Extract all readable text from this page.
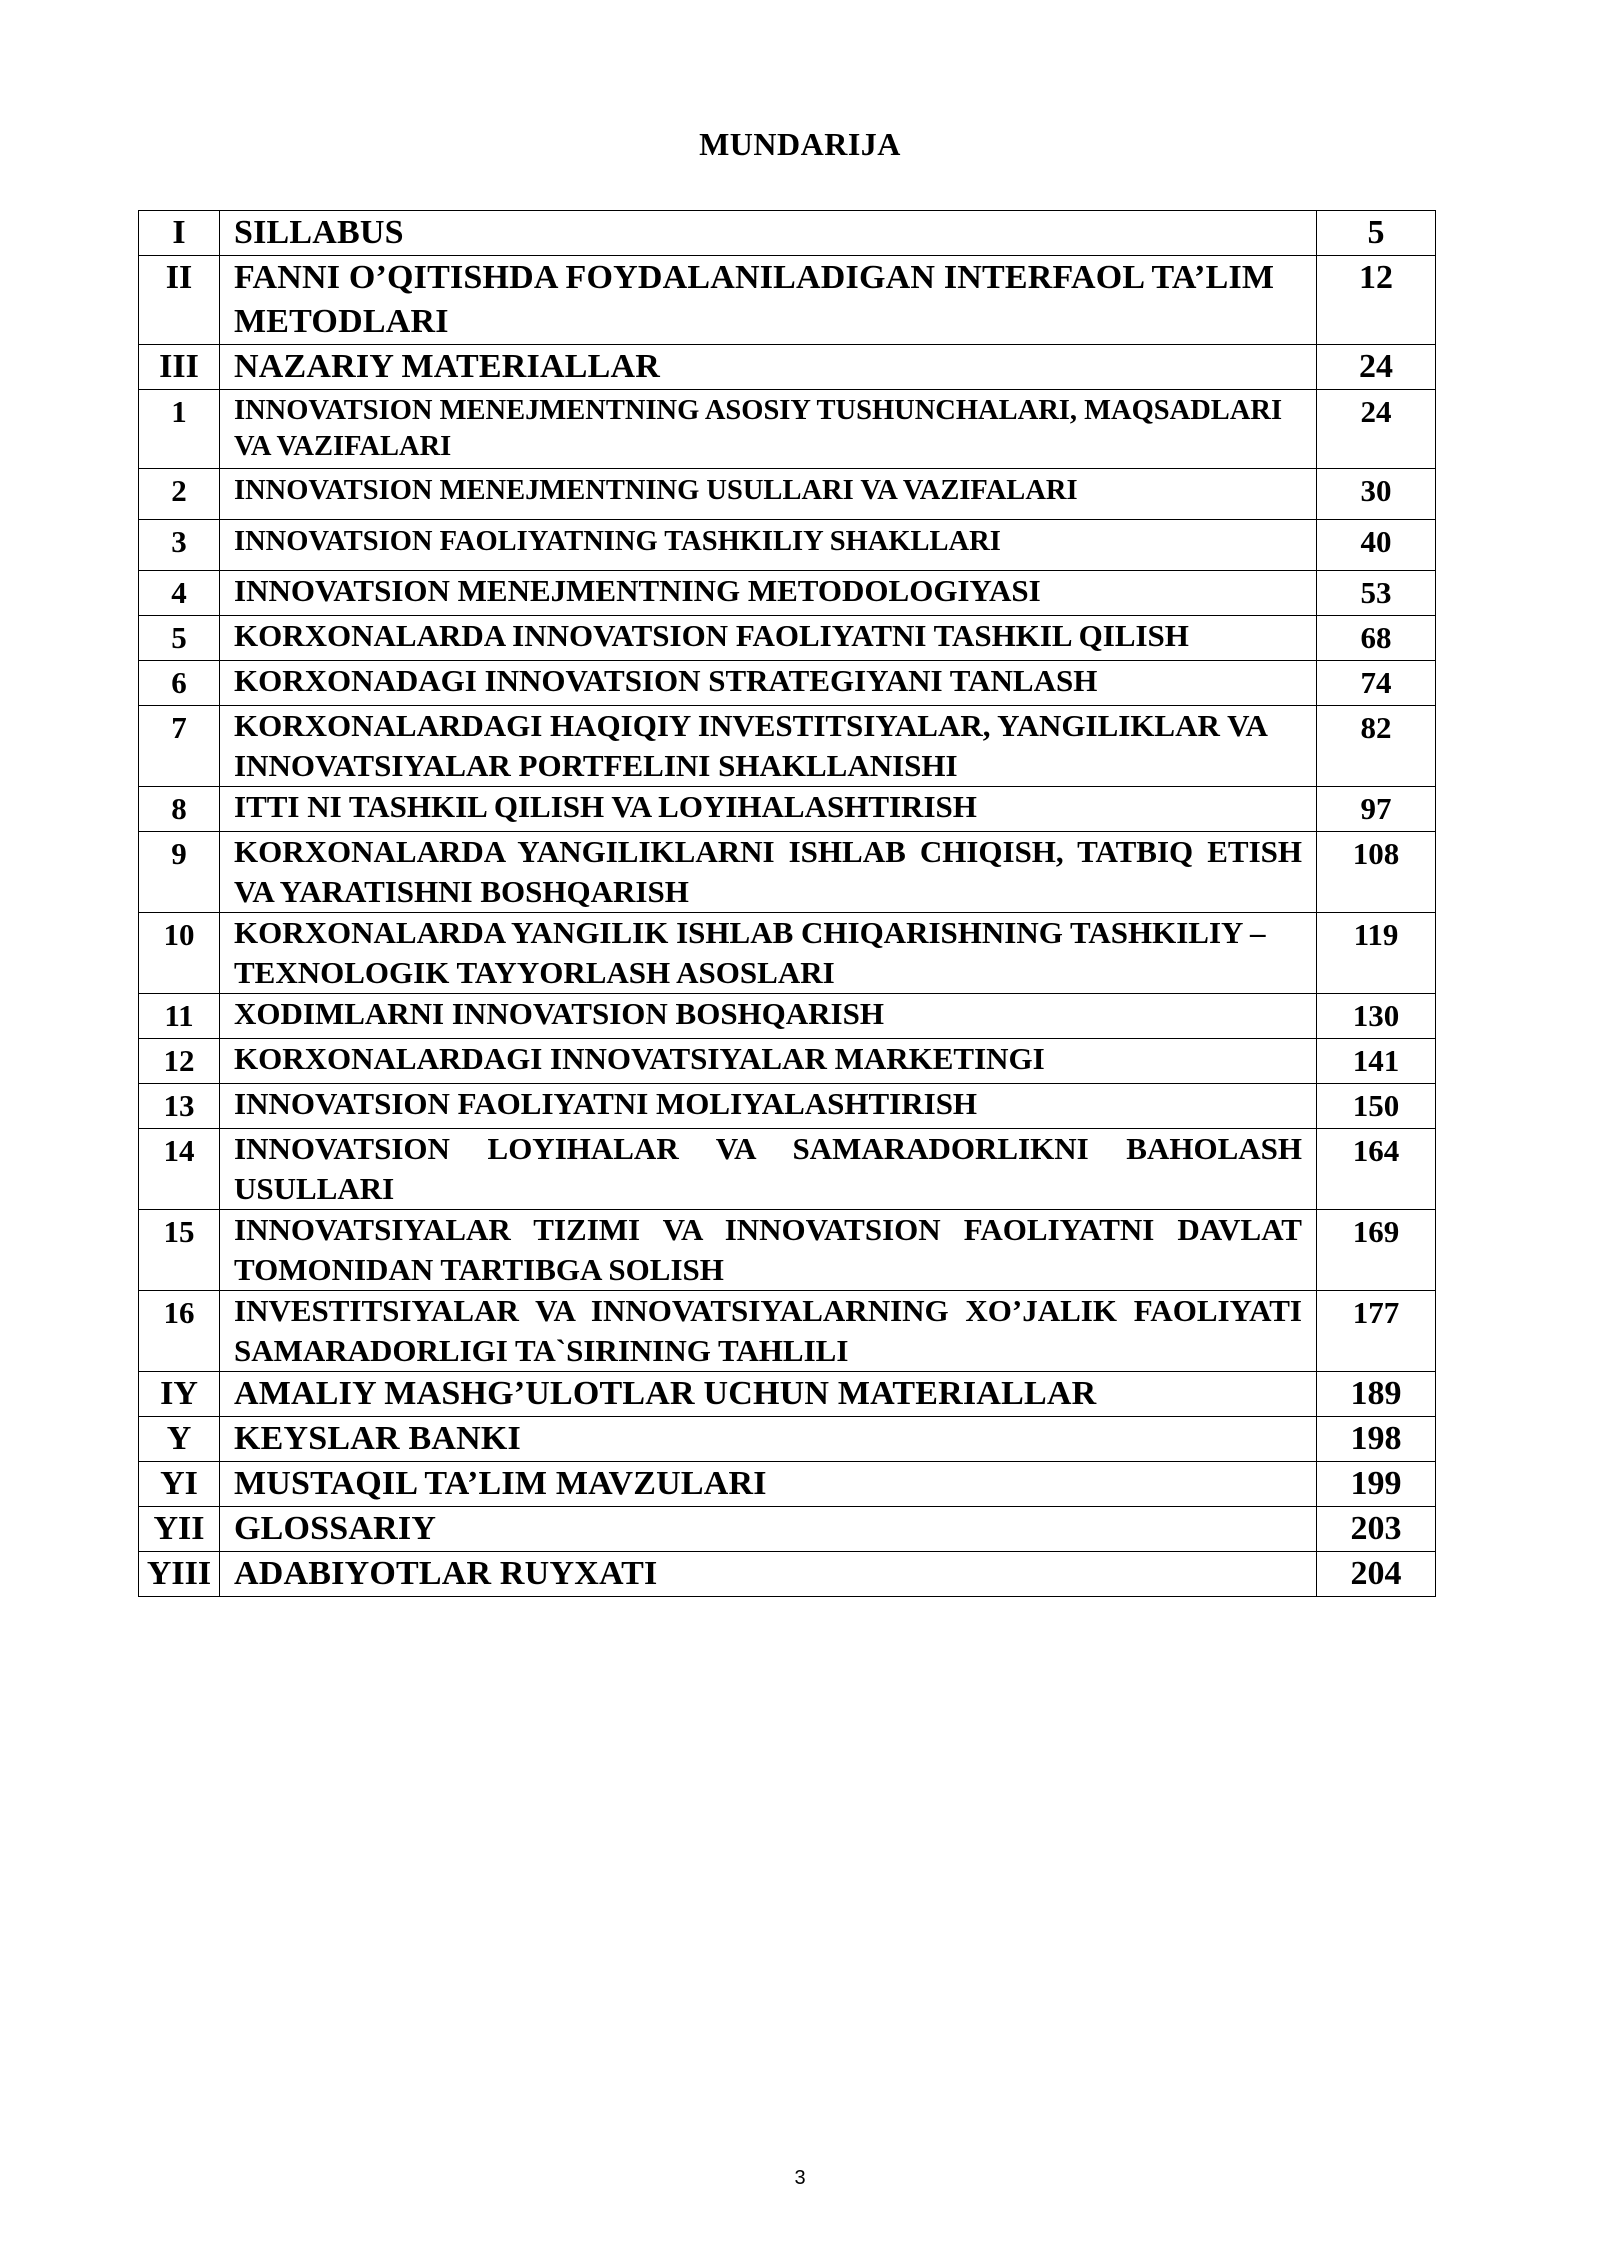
MUNDARIJA
I	SILLABUS	5
II	FANNI O’QITISHDA FOYDALANILADIGAN INTERFAOL TA’LIM METODLARI	12
III	NAZARIY MATERIALLAR	24
1	INNOVATSION MENEJMENTNING ASOSIY TUSHUNCHALARI, MAQSADLARI VA VAZIFALARI	24
2	INNOVATSION MENEJMENTNING USULLARI VA VAZIFALARI	30
3	INNOVATSION FAOLIYATNING TASHKILIY SHAKLLARI	40
4	INNOVATSION MENEJMENTNING METODOLOGIYASI	53
5	KORXONALARDA INNOVATSION FAOLIYATNI TASHKIL QILISH	68
6	KORXONADAGI INNOVATSION STRATEGIYANI TANLASH	74
7	KORXONALARDAGI HAQIQIY INVESTITSIYALAR, YANGILIKLAR VA INNOVATSIYALAR PORTFELINI SHAKLLANISHI	82
8	ITTI NI TASHKIL QILISH VA LOYIHALASHTIRISH	97
9	KORXONALARDA YANGILIKLARNI ISHLAB CHIQISH, TATBIQ ETISH VA YARATISHNI BOSHQARISH	108
10	KORXONALARDA YANGILIK ISHLAB CHIQARISHNING TASHKILIY – TEXNOLOGIK TAYYORLASH ASOSLARI	119
11	XODIMLARNI INNOVATSION BOSHQARISH	130
12	KORXONALARDAGI INNOVATSIYALAR MARKETINGI	141
13	INNOVATSION FAOLIYATNI MOLIYALASHTIRISH	150
14	INNOVATSION LOYIHALAR VA SAMARADORLIKNI BAHOLASH USULLARI	164
15	INNOVATSIYALAR TIZIMI VA INNOVATSION FAOLIYATNI DAVLAT TOMONIDAN TARTIBGA SOLISH	169
16	INVESTITSIYALAR VA INNOVATSIYALARNING XO’JALIK FAOLIYATI SAMARADORLIGI TA`SIRINING TAHLILI	177
IY	AMALIY MASHG’ULOTLAR UCHUN MATERIALLAR	189
Y	KEYSLAR BANKI	198
YI	MUSTAQIL TA’LIM MAVZULARI	199
YII	GLOSSARIY	203
YIII	ADABIYOTLAR RUYXATI	204
3
